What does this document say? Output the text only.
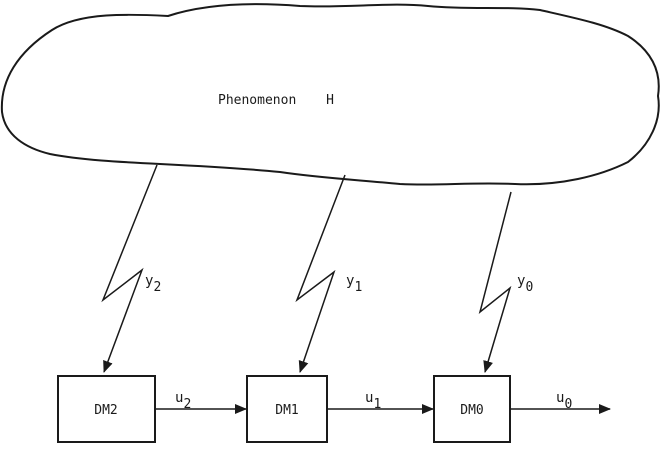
Phenomenon H
y2	y1	y0
DM2	DM1	DM0
u2	u1	u0
